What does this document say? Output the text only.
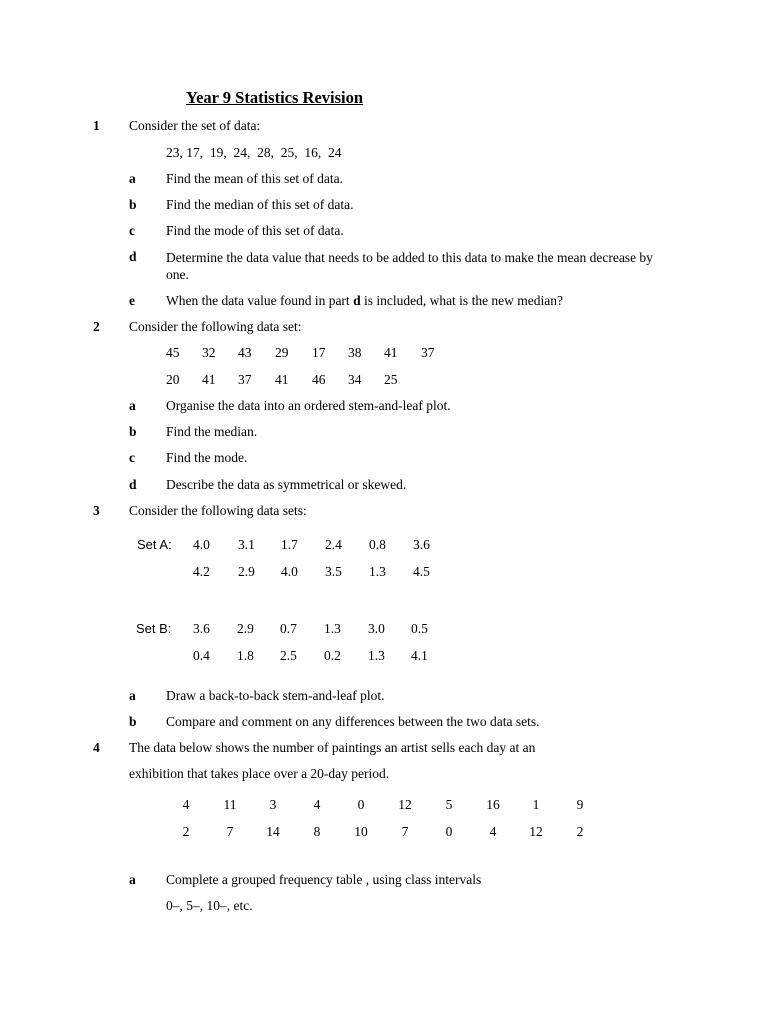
Year 9 Statistics Revision
1 Consider the set of data:
23, 17,  19,  24,  28,  25,  16,  24
a Find the mean of this set of data.
b Find the median of this set of data.
c Find the mode of this set of data.
d Determine the data value that needs to be added to this data to make the mean decrease by one.
e When the data value found in part d is included, what is the new median?
2 Consider the following data set:
45 32 43 29 17 38 41 37
20 41 37 41 46 34 25
a Organise the data into an ordered stem-and-leaf plot.
b Find the median.
c Find the mode.
d Describe the data as symmetrical or skewed.
3 Consider the following data sets:
Set A: 4.0 3.1 1.7 2.4 0.8 3.6
4.2 2.9 4.0 3.5 1.3 4.5
Set B: 3.6 2.9 0.7 1.3 3.0 0.5
0.4 1.8 2.5 0.2 1.3 4.1
a Draw a back-to-back stem-and-leaf plot.
b Compare and comment on any differences between the two data sets.
4 The data below shows the number of paintings an artist sells each day at an
exhibition that takes place over a 20-day period.
4	11 3	4	0	12	5	16 1	9
2	7 14	8	10	7	0	4 12	2
a Complete a grouped frequency table , using class intervals
0–, 5–, 10–, etc.
